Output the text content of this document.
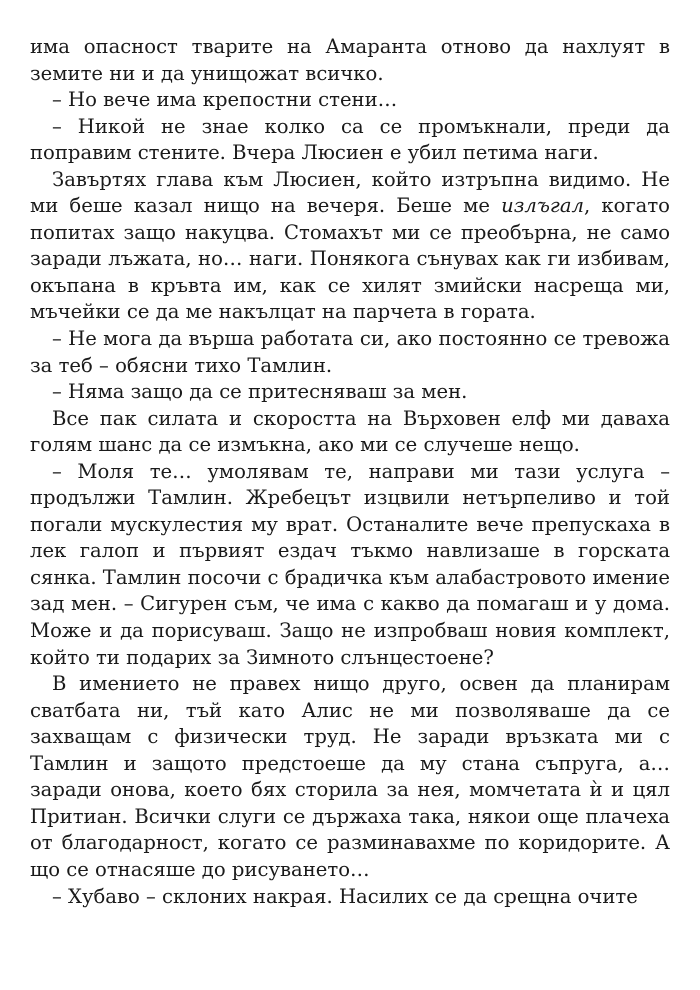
има опасност тварите на Амаранта отново да нахлуят в земите ни и да унищожат всичко.

– Но вече има крепостни стени…

– Никой не знае колко са се промъкнали, преди да поправим стените. Вчера Люсиен е убил петима наги.

Завъртях глава към Люсиен, който изтръпна видимо. Не ми беше казал нищо на вечеря. Беше ме излъгал, когато попитах защо накуцва. Стомахът ми се преобърна, не само заради лъжата, но… наги. Понякога сънувах как ги избивам, окъпана в кръвта им, как се хилят змийски насреща ми, мъчейки се да ме накълцат на парчета в гората.

– Не мога да върша работата си, ако постоянно се тревожа за теб – обясни тихо Тамлин.

– Няма защо да се притесняваш за мен.

Все пак силата и скоростта на Върховен елф ми даваха голям шанс да се измъкна, ако ми се случеше нещо.

– Моля те… умолявам те, направи ми тази услуга – продължи Тамлин. Жребецът изцвили нетърпеливо и той погали мускулестия му врат. Останалите вече препускаха в лек галоп и първият ездач тъкмо навлизаше в горската сянка. Тамлин посочи с брадичка към алабастровото имение зад мен. – Сигурен съм, че има с какво да помагаш и у дома. Може и да порисуваш. Защо не изпробваш новия комплект, който ти подарих за Зимното слънцестоене?

В имението не правех нищо друго, освен да планирам сватбата ни, тъй като Алис не ми позволяваше да се захващам с физически труд. Не заради връзката ми с Тамлин и защото предстоеше да му стана съпруга, а… заради онова, което бях сторила за нея, момчетата ѝ и цял Притиан. Всички слуги се държаха така, някои още плачеха от благодарност, когато се разминавахме по коридорите. А що се отнасяше до рисуването…

– Хубаво – склоних накрая. Насилих се да срещна очите
